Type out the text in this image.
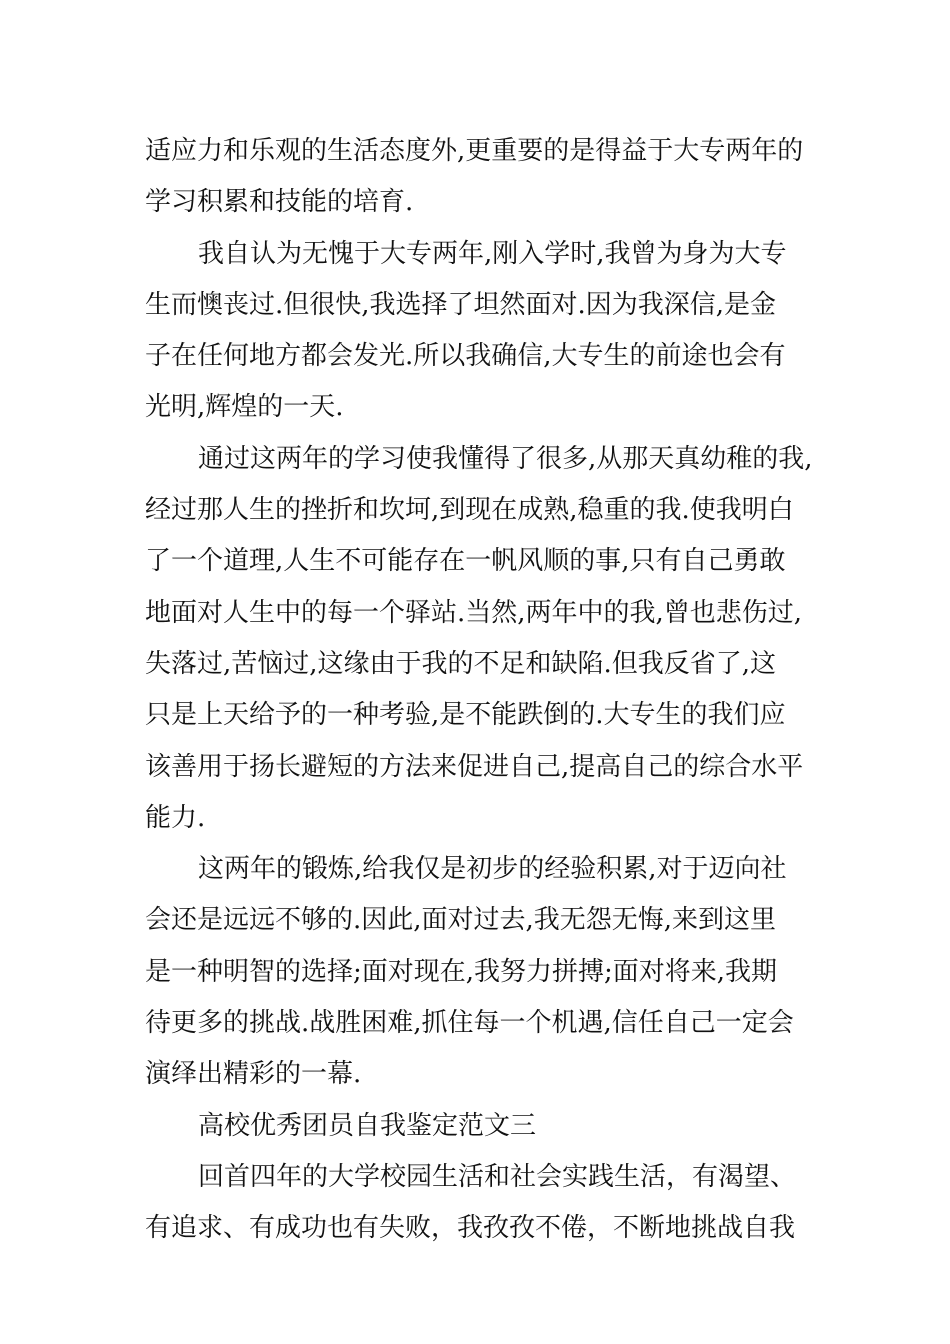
适应力和乐观的生活态度外,更重要的是得益于大专两年的
学习积累和技能的培育.
我自认为无愧于大专两年,刚入学时,我曾为身为大专
生而懊丧过.但很快,我选择了坦然面对.因为我深信,是金
子在任何地方都会发光.所以我确信,大专生的前途也会有
光明,辉煌的一天.
通过这两年的学习使我懂得了很多,从那天真幼稚的我,
经过那人生的挫折和坎坷,到现在成熟,稳重的我.使我明白
了一个道理,人生不可能存在一帆风顺的事,只有自己勇敢
地面对人生中的每一个驿站.当然,两年中的我,曾也悲伤过,
失落过,苦恼过,这缘由于我的不足和缺陷.但我反省了,这
只是上天给予的一种考验,是不能跌倒的.大专生的我们应
该善用于扬长避短的方法来促进自己,提高自己的综合水平
能力.
这两年的锻炼,给我仅是初步的经验积累,对于迈向社
会还是远远不够的.因此,面对过去,我无怨无悔,来到这里
是一种明智的选择;面对现在,我努力拼搏;面对将来,我期
待更多的挑战.战胜困难,抓住每一个机遇,信任自己一定会
演绎出精彩的一幕.
高校优秀团员自我鉴定范文三
回首四年的大学校园生活和社会实践生活，有渴望、
有追求、有成功也有失败，我孜孜不倦，不断地挑战自我
